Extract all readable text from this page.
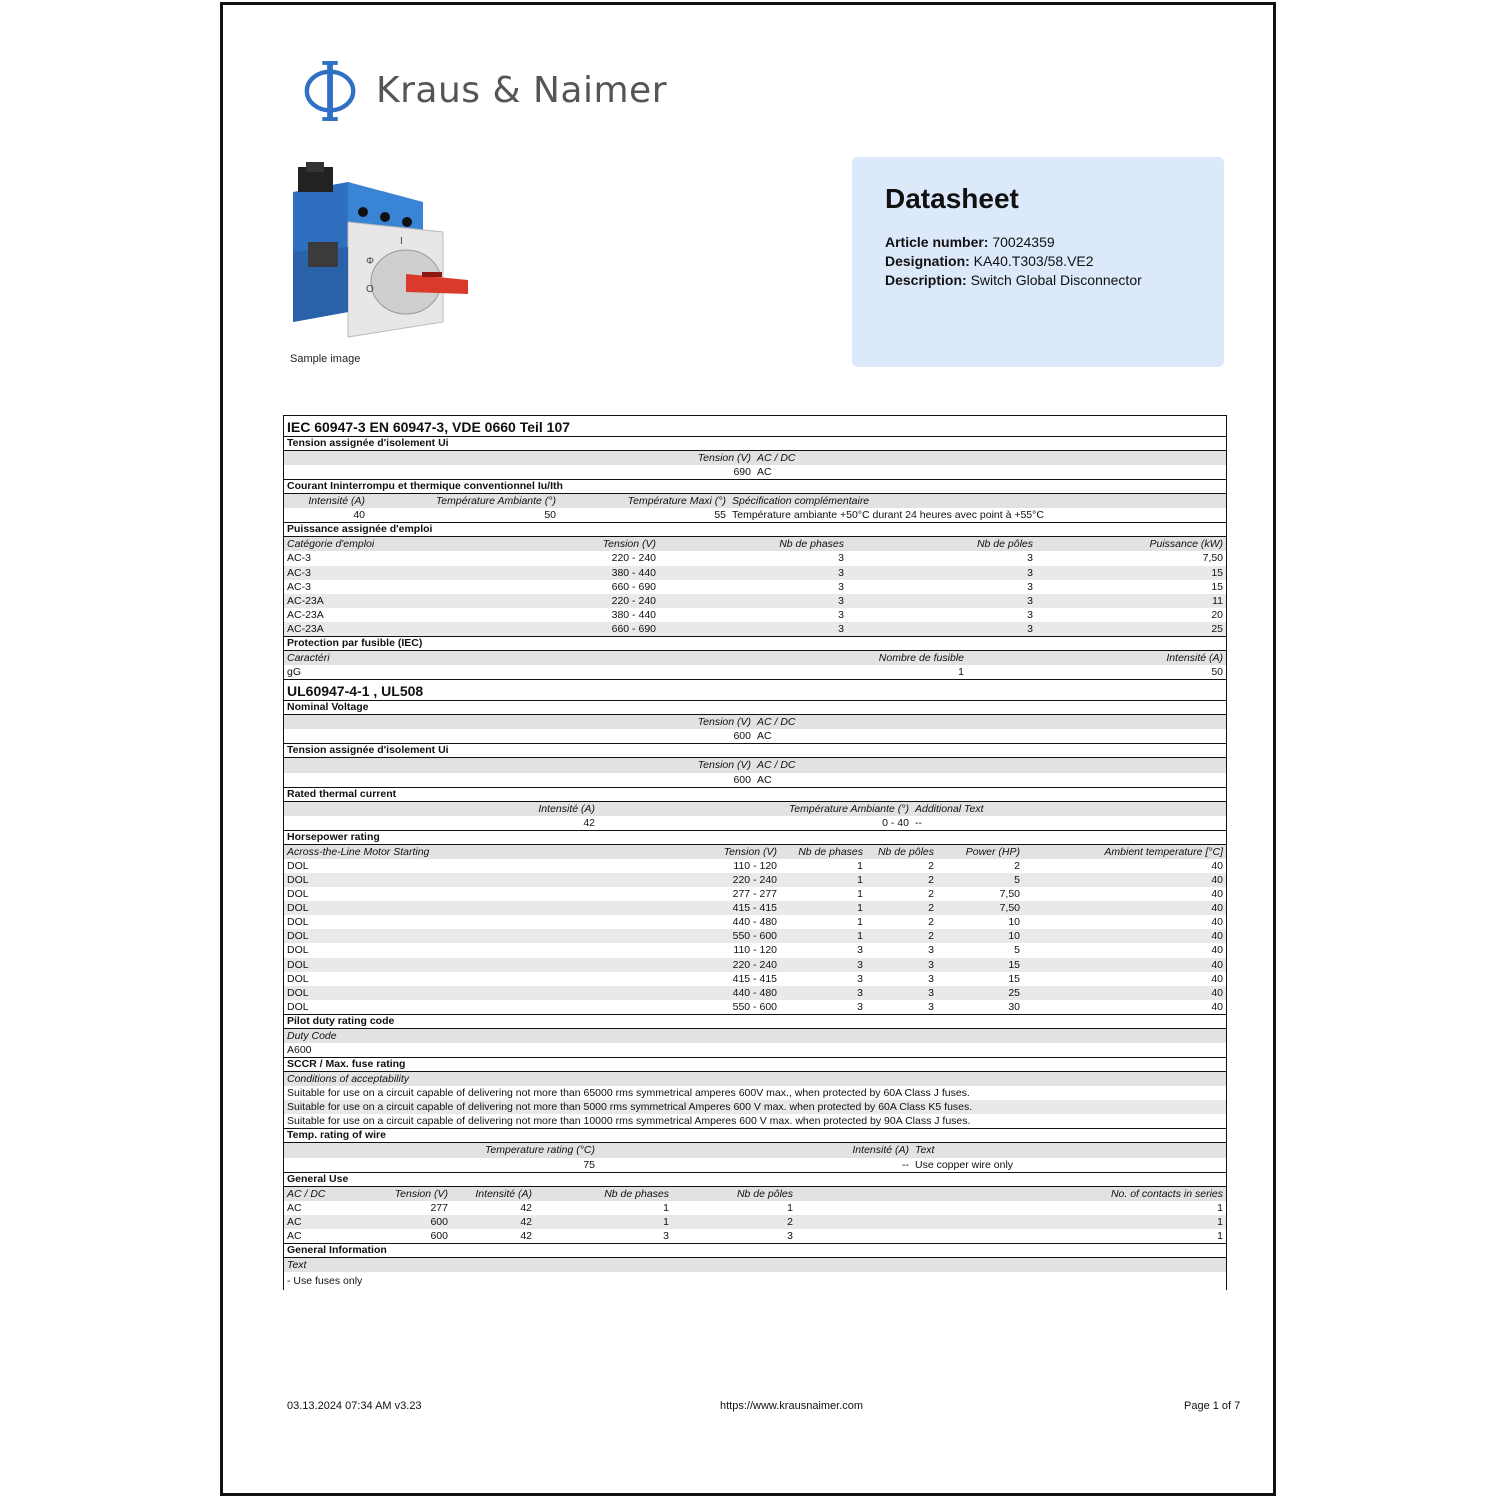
Kraus & Naimer
Φ
O
I
Sample image
Datasheet
Article number: 70024359
Designation: KA40.T303/58.VE2
Description: Switch Global Disconnector
IEC 60947-3 EN 60947-3, VDE 0660 Teil 107
Tension assignée d'isolement Ui
Tension (V) AC / DC
690 AC
Courant Ininterrompu et thermique conventionnel Iu/Ith
Intensité (A)	Température Ambiante (°)	Température Maxi (°) Spécification complémentaire
40	50	55 Température ambiante +50°C durant 24 heures avec point à +55°C
Puissance assignée d'emploi
Catégorie d'emploi	Tension (V)	Nb de phases	Nb de pôles	Puissance (kW)
AC-3	220 - 240	3	3	7,50
AC-3	380 - 440	3	3	15
AC-3	660 - 690	3	3	15
AC-23A	220 - 240	3	3	11
AC-23A	380 - 440	3	3	20
AC-23A	660 - 690	3	3	25
Protection par fusible (IEC)
Caractéri	Nombre de fusible	Intensité (A)
gG	1	50
UL60947-4-1 , UL508
Nominal Voltage
Tension (V) AC / DC
600 AC
Tension assignée d'isolement Ui
Tension (V) AC / DC
600 AC
Rated thermal current
Intensité (A)	Température Ambiante (°) Additional Text
42	0 - 40 --
Horsepower rating
Across-the-Line Motor Starting	Tension (V)	Nb de phases	Nb de pôles	Power (HP)	Ambient temperature [°C]
DOL	110 - 120	1	2	2	40
DOL	220 - 240	1	2	5	40
DOL	277 - 277	1	2	7,50	40
DOL	415 - 415	1	2	7,50	40
DOL	440 - 480	1	2	10	40
DOL	550 - 600	1	2	10	40
DOL	110 - 120	3	3	5	40
DOL	220 - 240	3	3	15	40
DOL	415 - 415	3	3	15	40
DOL	440 - 480	3	3	25	40
DOL	550 - 600	3	3	30	40
Pilot duty rating code
Duty Code
A600
SCCR / Max. fuse rating
Conditions of acceptability
Suitable for use on a circuit capable of delivering not more than 65000 rms symmetrical amperes 600V max., when protected by 60A Class J fuses.
Suitable for use on a circuit capable of delivering not more than 5000 rms symmetrical Amperes 600 V max. when protected by 60A Class K5 fuses.
Suitable for use on a circuit capable of delivering not more than 10000 rms symmetrical Amperes 600 V max. when protected by 90A Class J fuses.
Temp. rating of wire
Temperature rating (°C)	Intensité (A) Text
75	-- Use copper wire only
General Use
AC / DC	Tension (V)	Intensité (A)	Nb de phases	Nb de pôles	No. of contacts in series
AC	277	42	1	1	1
AC	600	42	1	2	1
AC	600	42	3	3	1
General Information
Text
- Use fuses only
03.13.2024 07:34 AM v3.23	https://www.krausnaimer.com	Page 1 of 7
